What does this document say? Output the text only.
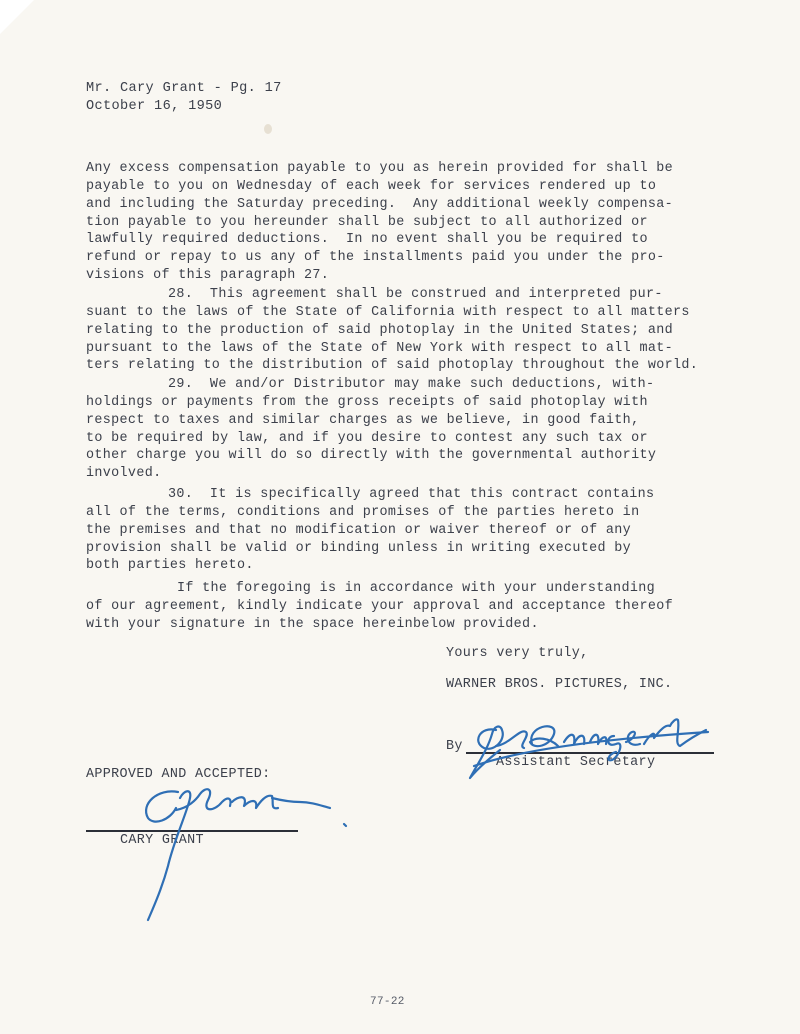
Mr. Cary Grant - Pg. 17
October 16, 1950
Any excess compensation payable to you as herein provided for shall be
payable to you on Wednesday of each week for services rendered up to
and including the Saturday preceding.  Any additional weekly compensa-
tion payable to you hereunder shall be subject to all authorized or
lawfully required deductions.  In no event shall you be required to
refund or repay to us any of the installments paid you under the pro-
visions of this paragraph 27.
28.  This agreement shall be construed and interpreted pur-
suant to the laws of the State of California with respect to all matters
relating to the production of said photoplay in the United States; and
pursuant to the laws of the State of New York with respect to all mat-
ters relating to the distribution of said photoplay throughout the world.
29.  We and/or Distributor may make such deductions, with-
holdings or payments from the gross receipts of said photoplay with
respect to taxes and similar charges as we believe, in good faith,
to be required by law, and if you desire to contest any such tax or
other charge you will do so directly with the governmental authority
involved.
30.  It is specifically agreed that this contract contains
all of the terms, conditions and promises of the parties hereto in
the premises and that no modification or waiver thereof or of any
provision shall be valid or binding unless in writing executed by
both parties hereto.
If the foregoing is in accordance with your understanding
of our agreement, kindly indicate your approval and acceptance thereof
with your signature in the space hereinbelow provided.
Yours very truly,
WARNER BROS. PICTURES, INC.
By
Assistant Secretary
APPROVED AND ACCEPTED:
CARY GRANT
77-22
